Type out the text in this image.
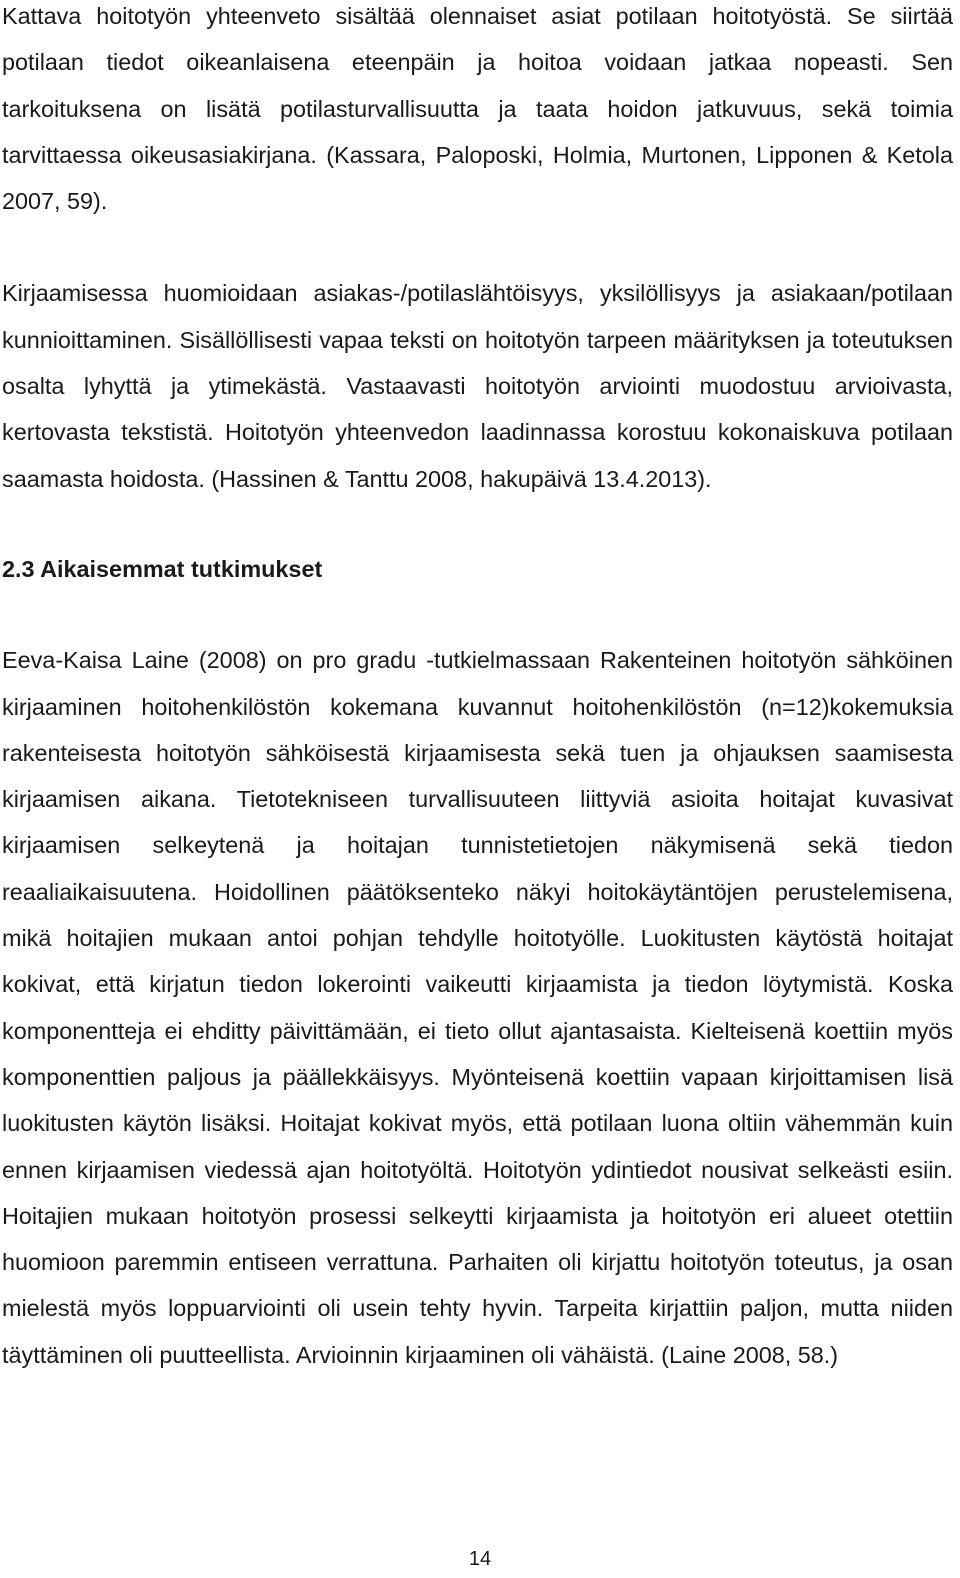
Kattava hoitotyön yhteenveto sisältää olennaiset asiat potilaan hoitotyöstä. Se siirtää potilaan tiedot oikeanlaisena eteenpäin ja hoitoa voidaan jatkaa nopeasti. Sen tarkoituksena on lisätä potilasturvallisuutta ja taata hoidon jatkuvuus, sekä toimia tarvittaessa oikeusasiakirjana. (Kassara, Paloposki, Holmia, Murtonen, Lipponen & Ketola 2007, 59).

Kirjaamisessa huomioidaan asiakas-/potilaslähtöisyys, yksilöllisyys ja asiakaan/potilaan kunnioittaminen. Sisällöllisesti vapaa teksti on hoitotyön tarpeen määrityksen ja toteutuksen osalta lyhyttä ja ytimekästä. Vastaavasti hoitotyön arviointi muodostuu arvioivasta, kertovasta tekstistä. Hoitotyön yhteenvedon laadinnassa korostuu kokonaiskuva potilaan saamasta hoidosta. (Hassinen & Tanttu 2008, hakupäivä 13.4.2013).

2.3 Aikaisemmat tutkimukset

Eeva-Kaisa Laine (2008) on pro gradu -tutkielmassaan Rakenteinen hoitotyön sähköinen kirjaaminen hoitohenkilöstön kokemana kuvannut hoitohenkilöstön (n=12)kokemuksia rakenteisesta hoitotyön sähköisestä kirjaamisesta sekä tuen ja ohjauksen saamisesta kirjaamisen aikana. Tietotekniseen turvallisuuteen liittyviä asioita hoitajat kuvasivat kirjaamisen selkeytenä ja hoitajan tunnistetietojen näkymisenä sekä tiedon reaaliaikaisuutena. Hoidollinen päätöksenteko näkyi hoitokäytäntöjen perustelemisena, mikä hoitajien mukaan antoi pohjan tehdylle hoitotyölle. Luokitusten käytöstä hoitajat kokivat, että kirjatun tiedon lokerointi vaikeutti kirjaamista ja tiedon löytymistä. Koska komponentteja ei ehditty päivittämään, ei tieto ollut ajantasaista. Kielteisenä koettiin myös komponenttien paljous ja päällekkäisyys. Myönteisenä koettiin vapaan kirjoittamisen lisä luokitusten käytön lisäksi. Hoitajat kokivat myös, että potilaan luona oltiin vähemmän kuin ennen kirjaamisen viedessä ajan hoitotyöltä. Hoitotyön ydintiedot nousivat selkeästi esiin. Hoitajien mukaan hoitotyön prosessi selkeytti kirjaamista ja hoitotyön eri alueet otettiin huomioon paremmin entiseen verrattuna. Parhaiten oli kirjattu hoitotyön toteutus, ja osan mielestä myös loppuarviointi oli usein tehty hyvin. Tarpeita kirjattiin paljon, mutta niiden täyttäminen oli puutteellista. Arvioinnin kirjaaminen oli vähäistä. (Laine 2008, 58.)

14
